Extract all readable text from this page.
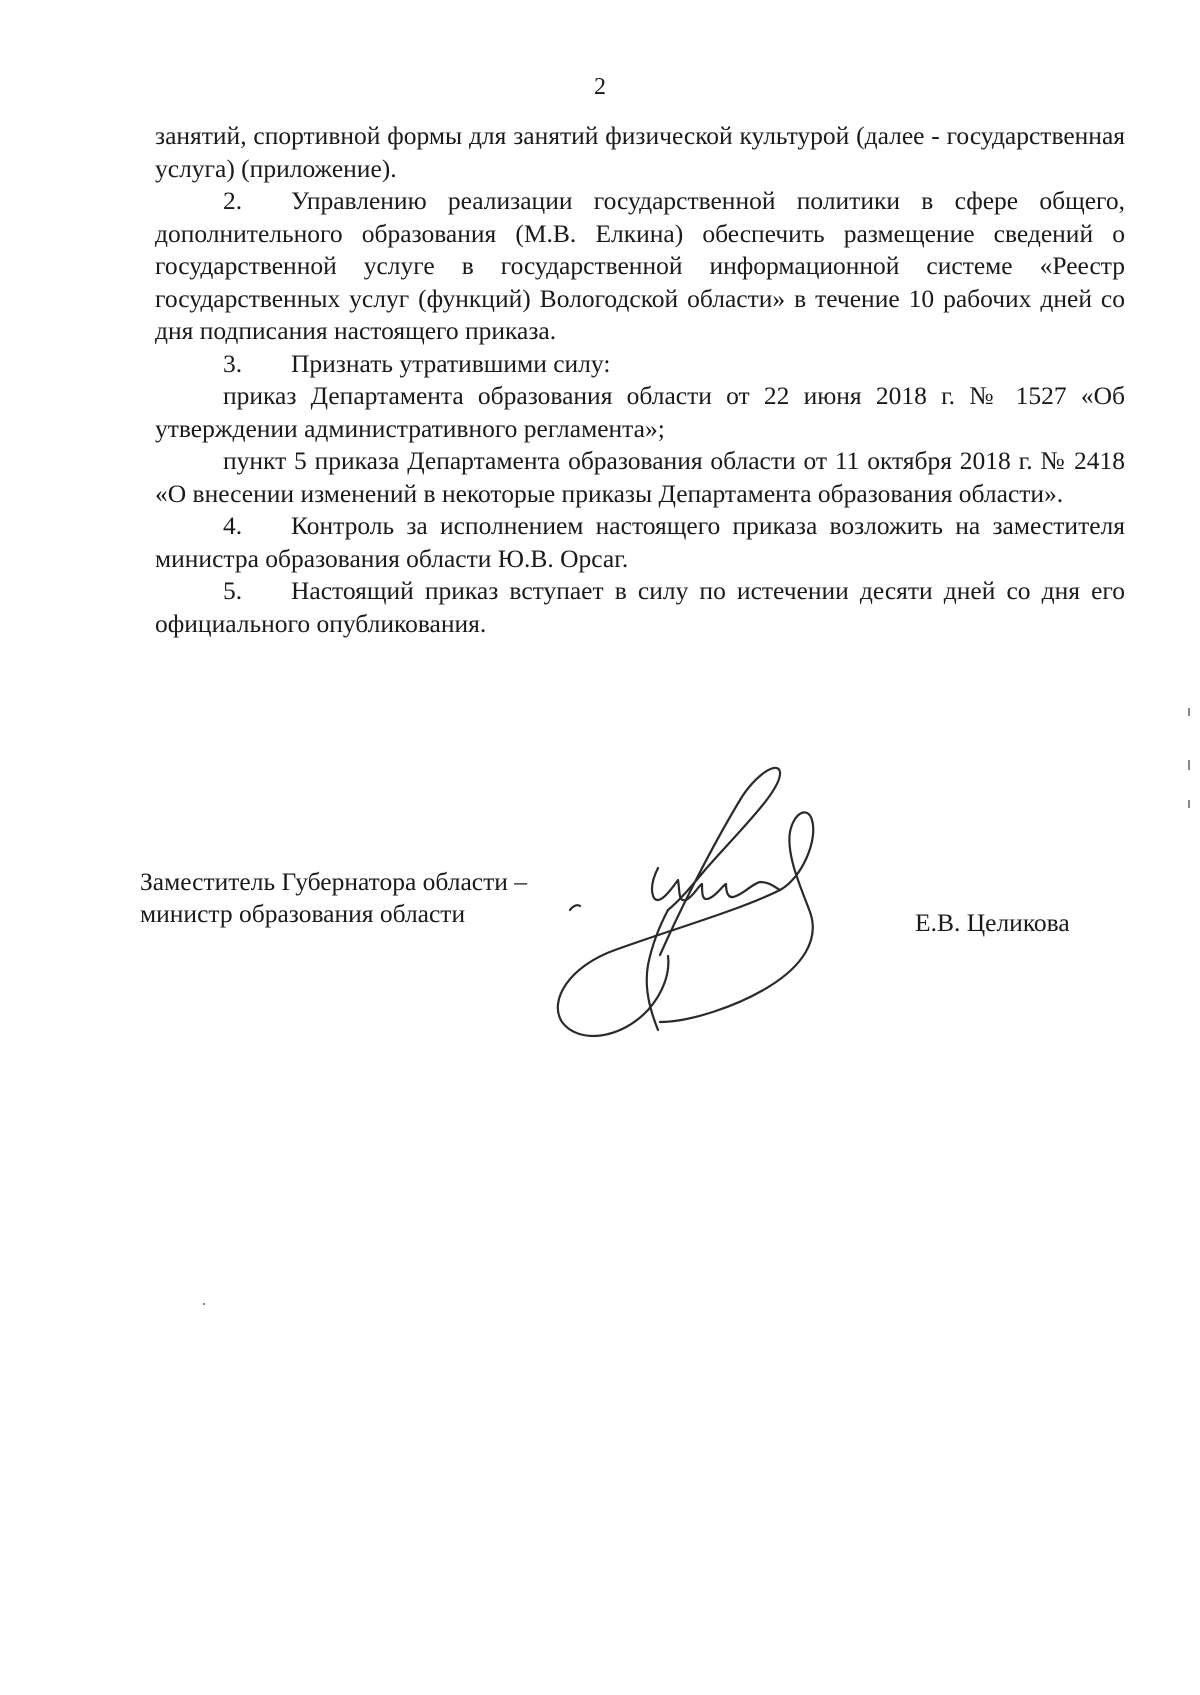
2

занятий, спортивной формы для занятий физической культурой (далее - государственная услуга) (приложение).

2. Управлению реализации государственной политики в сфере общего, дополнительного образования (М.В. Елкина) обеспечить размещение сведений о государственной услуге в государственной информационной системе «Реестр государственных услуг (функций) Вологодской области» в течение 10 рабочих дней со дня подписания настоящего приказа.

3. Признать утратившими силу:

приказ Департамента образования области от 22 июня 2018 г. № 1527 «Об утверждении административного регламента»;

пункт 5 приказа Департамента образования области от 11 октября 2018 г. № 2418 «О внесении изменений в некоторые приказы Департамента образования области».

4. Контроль за исполнением настоящего приказа возложить на заместителя министра образования области Ю.В. Орсаг.

5. Настоящий приказ вступает в силу по истечении десяти дней со дня его официального опубликования.

Заместитель Губернатора области –
министр образования области	Е.В. Целикова
